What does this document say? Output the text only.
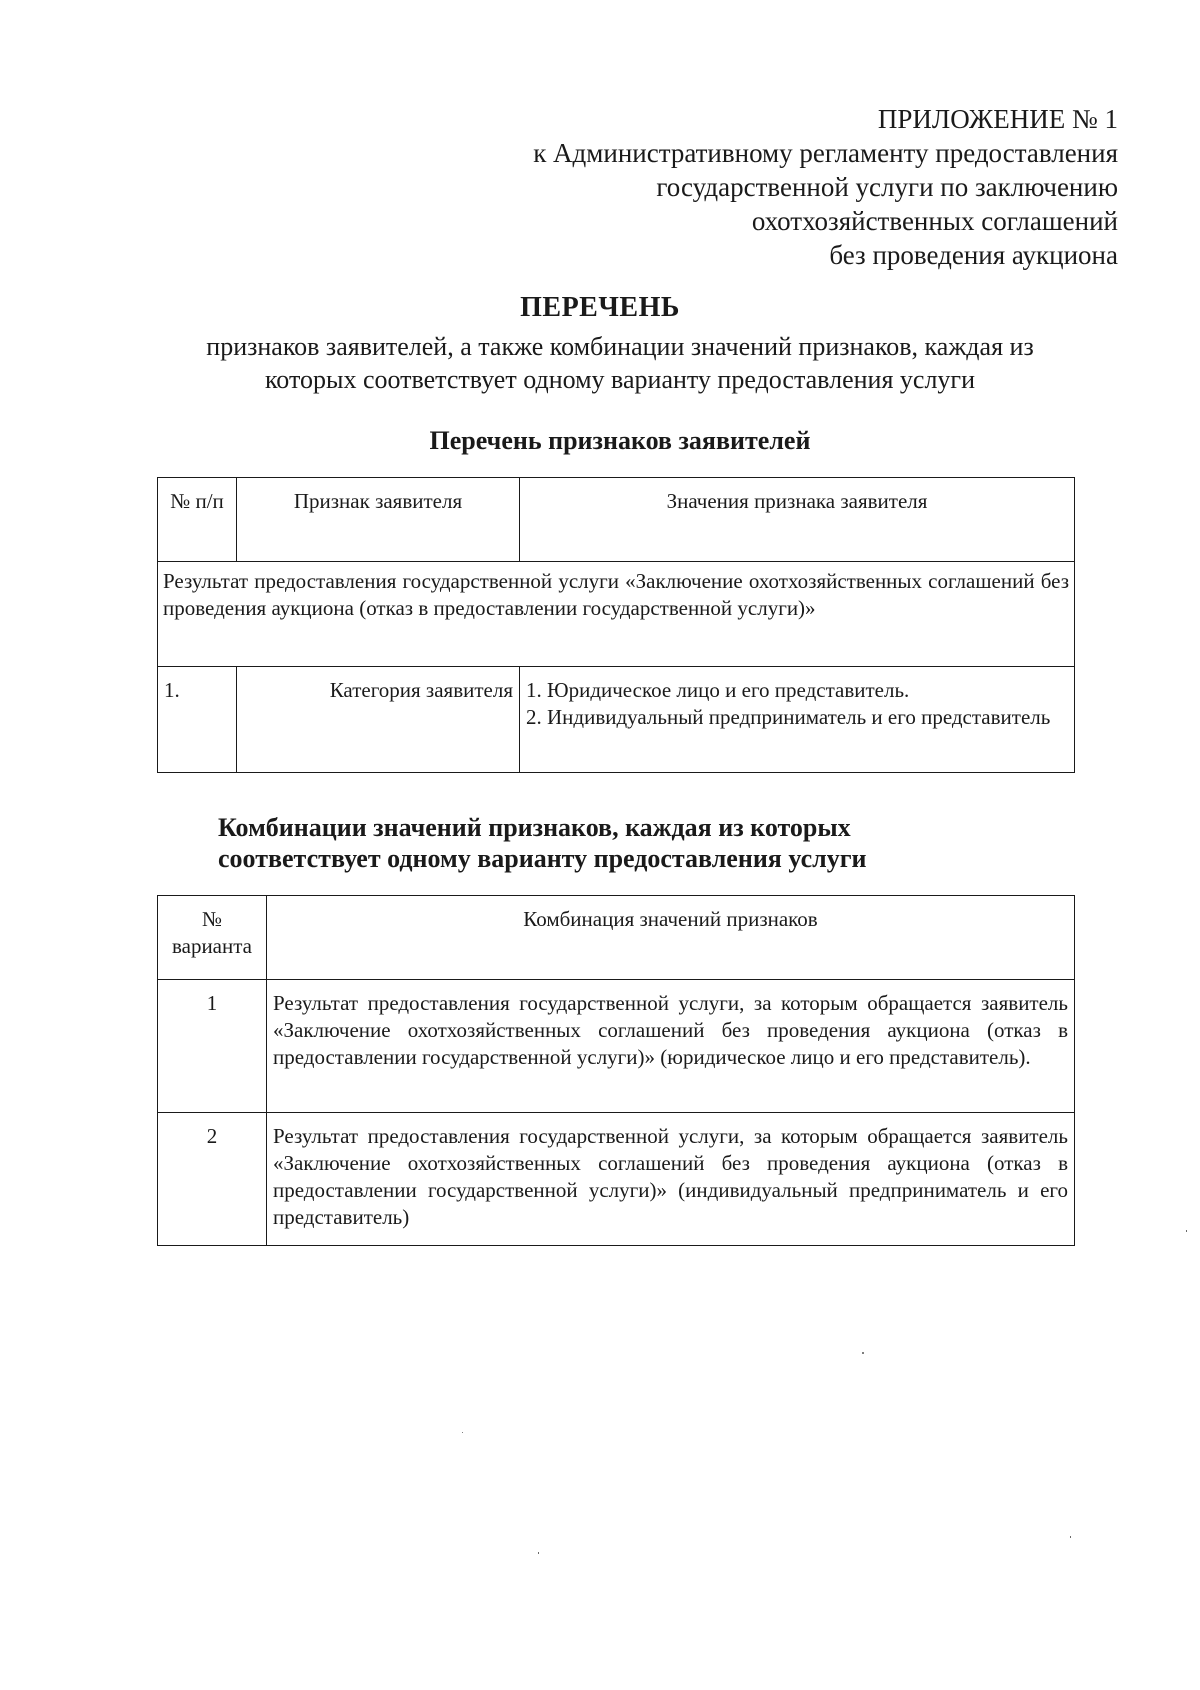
ПРИЛОЖЕНИЕ № 1
к Административному регламенту предоставления
государственной услуги по заключению
охотхозяйственных соглашений
без проведения аукциона
ПЕРЕЧЕНЬ
признаков заявителей, а также комбинации значений признаков, каждая из
которых соответствует одному варианту предоставления услуги
Перечень признаков заявителей
№ п/п	Признак заявителя	Значения признака заявителя
Результат предоставления государственной услуги «Заключение охотхозяйственных соглашений без проведения аукциона (отказ в предоставлении государственной услуги)»		
1.	Категория заявителя	1. Юридическое лицо и его представитель.
2. Индивидуальный предприниматель и его представитель
Комбинации значений признаков, каждая из которых
соответствует одному варианту предоставления услуги
№ варианта	Комбинация значений признаков
1	Результат предоставления государственной услуги, за которым обращается заявитель «Заключение охотхозяйственных соглашений без проведения аукциона (отказ в предоставлении государственной услуги)» (юридическое лицо и его представитель).
2	Результат предоставления государственной услуги, за которым обращается заявитель «Заключение охотхозяйственных соглашений без проведения аукциона (отказ в предоставлении государственной услуги)» (индивидуальный предприниматель и его представитель)
